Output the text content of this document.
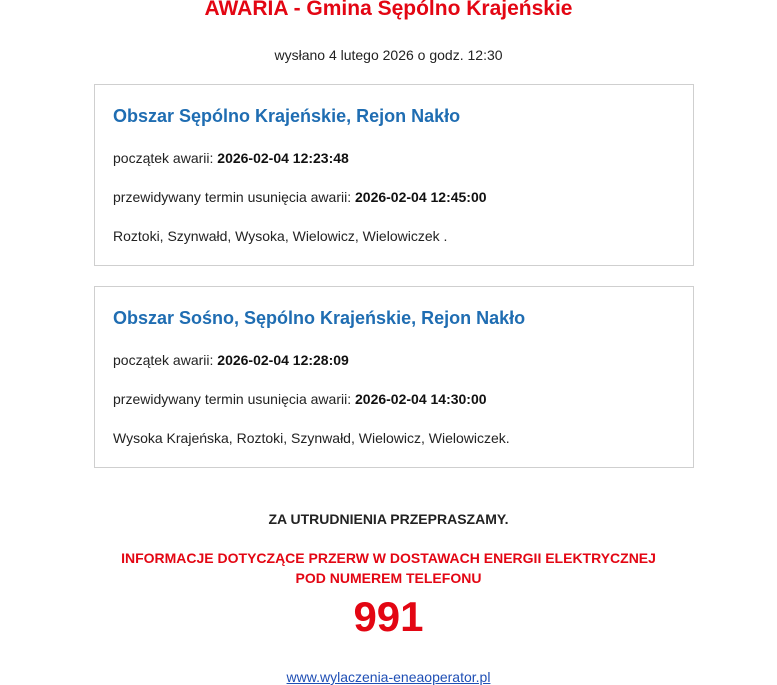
AWARIA - Gmina Sępólno Krajeńskie
wysłano 4 lutego 2026 o godz. 12:30
Obszar Sępólno Krajeńskie, Rejon Nakło
początek awarii: 2026-02-04 12:23:48
przewidywany termin usunięcia awarii: 2026-02-04 12:45:00
Roztoki, Szynwałd, Wysoka, Wielowicz, Wielowiczek .
Obszar Sośno, Sępólno Krajeńskie, Rejon Nakło
początek awarii: 2026-02-04 12:28:09
przewidywany termin usunięcia awarii: 2026-02-04 14:30:00
Wysoka Krajeńska, Roztoki, Szynwałd, Wielowicz, Wielowiczek.
ZA UTRUDNIENIA PRZEPRASZAMY.
INFORMACJE DOTYCZĄCE PRZERW W DOSTAWACH ENERGII ELEKTRYCZNEJ
POD NUMEREM TELEFONU
991
www.wylaczenia-eneaoperator.pl
